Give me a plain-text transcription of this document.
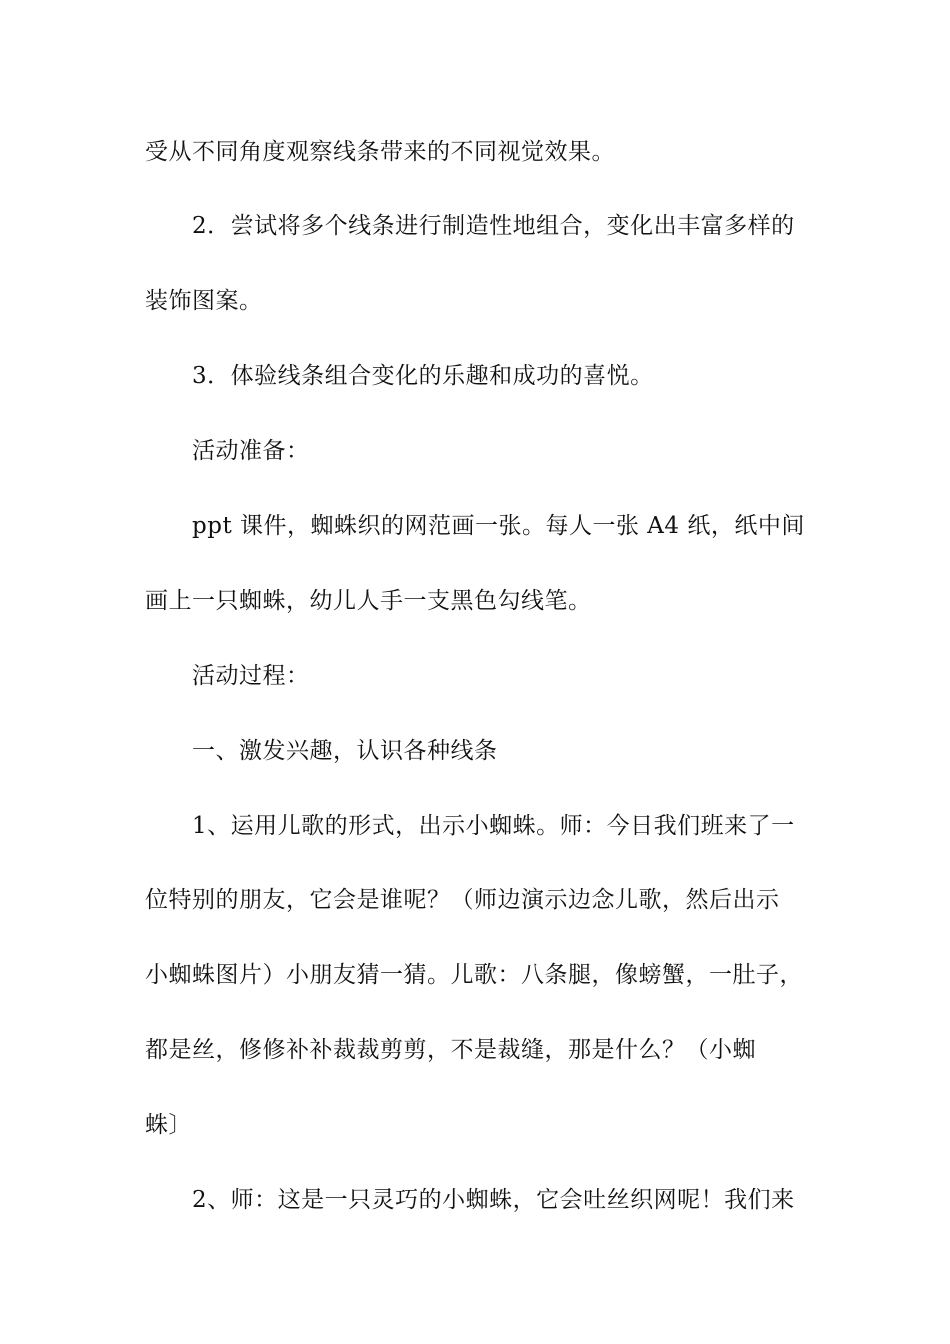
受从不同角度观察线条带来的不同视觉效果。
2．尝试将多个线条进行制造性地组合，变化出丰富多样的
装饰图案。
3．体验线条组合变化的乐趣和成功的喜悦。
活动准备：
ppt 课件，蜘蛛织的网范画一张。每人一张 A4 纸，纸中间
画上一只蜘蛛，幼儿人手一支黑色勾线笔。
活动过程：
一、激发兴趣，认识各种线条
1、运用儿歌的形式，出示小蜘蛛。师：今日我们班来了一
位特别的朋友，它会是谁呢？（师边演示边念儿歌，然后出示
小蜘蛛图片）小朋友猜一猜。儿歌：八条腿，像螃蟹，一肚子，
都是丝，修修补补裁裁剪剪，不是裁缝，那是什么？（小蜘
蛛〕
2、师：这是一只灵巧的小蜘蛛，它会吐丝织网呢！我们来
